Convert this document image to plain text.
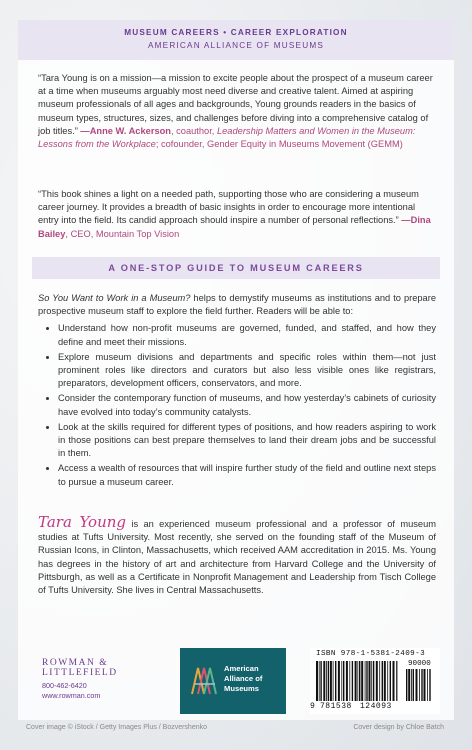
MUSEUM CAREERS • CAREER EXPLORATION
AMERICAN ALLIANCE OF MUSEUMS
“Tara Young is on a mission—a mission to excite people about the prospect of a museum career at a time when museums arguably most need diverse and creative talent. Aimed at aspiring museum professionals of all ages and backgrounds, Young grounds readers in the basics of museum types, structures, sizes, and challenges before diving into a comprehensive catalog of job titles.” —Anne W. Ackerson, coauthor, Leadership Matters and Women in the Museum: Lessons from the Workplace; cofounder, Gender Equity in Museums Movement (GEMM)
“This book shines a light on a needed path, supporting those who are considering a museum career journey. It provides a breadth of basic insights in order to encourage more intentional entry into the field. Its candid approach should inspire a number of personal reflections.” —Dina Bailey, CEO, Mountain Top Vision
A ONE-STOP GUIDE TO MUSEUM CAREERS
So You Want to Work in a Museum? helps to demystify museums as institutions and to prepare prospective museum staff to explore the field further. Readers will be able to:
• Understand how non-profit museums are governed, funded, and staffed, and how they define and meet their missions.
• Explore museum divisions and departments and specific roles within them—not just prominent roles like directors and curators but also less visible ones like registrars, preparators, development officers, conservators, and more.
• Consider the contemporary function of museums, and how yesterday’s cabinets of curiosity have evolved into today’s community catalysts.
• Look at the skills required for different types of positions, and how readers aspiring to work in those positions can best prepare themselves to land their dream jobs and be successful in them.
• Access a wealth of resources that will inspire further study of the field and outline next steps to pursue a museum career.
Tara Young is an experienced museum professional and a professor of museum studies at Tufts University. Most recently, she served on the founding staff of the Museum of Russian Icons, in Clinton, Massachusetts, which received AAM accreditation in 2015. Ms. Young has degrees in the history of art and architecture from Harvard College and the University of Pittsburgh, as well as a Certificate in Nonprofit Management and Leadership from Tisch College of Tufts University. She lives in Central Massachusetts.
ROWMAN &
LITTLEFIELD
800-462-6420
www.rowman.com
American
Alliance of
Museums
ISBN 978-1-5381-2409-3
90000
9 781538 124093
Cover image © iStock / Getty Images Plus / Bozvershenko	Cover design by Chloe Batch
